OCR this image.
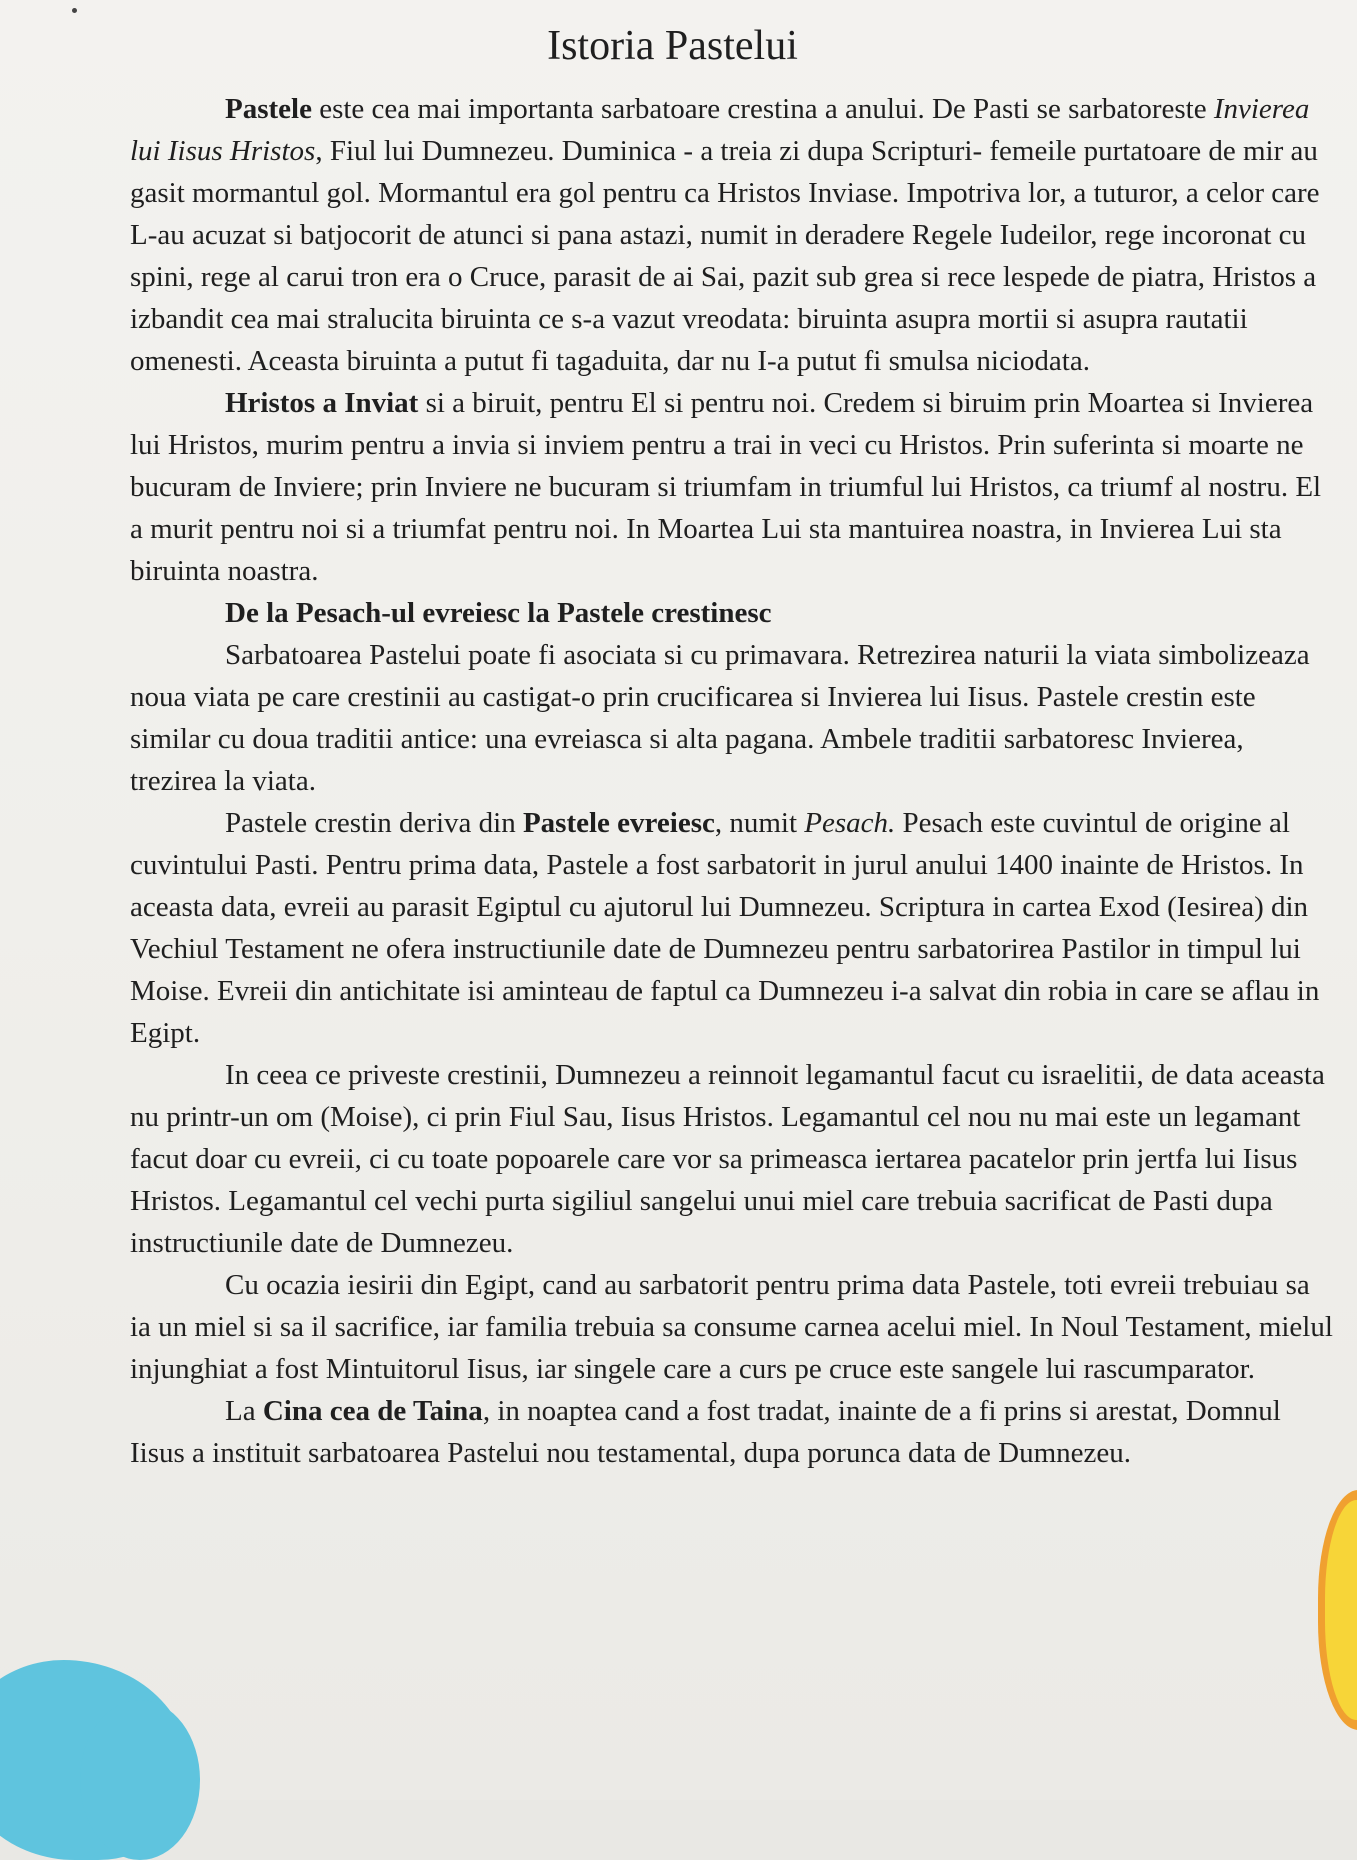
Istoria Pastelui

Pastele este cea mai importanta sarbatoare crestina a anului. De Pasti se sarbatoreste Invierea lui Iisus Hristos, Fiul lui Dumnezeu. Duminica - a treia zi dupa Scripturi- femeile purtatoare de mir au gasit mormantul gol. Mormantul era gol pentru ca Hristos Inviase. Impotriva lor, a tuturor, a celor care L-au acuzat si batjocorit de atunci si pana astazi, numit in deradere Regele Iudeilor, rege incoronat cu spini, rege al carui tron era o Cruce, parasit de ai Sai, pazit sub grea si rece lespede de piatra, Hristos a izbandit cea mai stralucita biruinta ce s-a vazut vreodata: biruinta asupra mortii si asupra rautatii omenesti. Aceasta biruinta a putut fi tagaduita, dar nu I-a putut fi smulsa niciodata.

Hristos a Inviat si a biruit, pentru El si pentru noi. Credem si biruim prin Moartea si Invierea lui Hristos, murim pentru a invia si inviem pentru a trai in veci cu Hristos. Prin suferinta si moarte ne bucuram de Inviere; prin Inviere ne bucuram si triumfam in triumful lui Hristos, ca triumf al nostru. El a murit pentru noi si a triumfat pentru noi. In Moartea Lui sta mantuirea noastra, in Invierea Lui sta biruinta noastra.

De la Pesach-ul evreiesc la Pastele crestinesc

Sarbatoarea Pastelui poate fi asociata si cu primavara. Retrezirea naturii la viata simbolizeaza noua viata pe care crestinii au castigat-o prin crucificarea si Invierea lui Iisus. Pastele crestin este similar cu doua traditii antice: una evreiasca si alta pagana. Ambele traditii sarbatoresc Invierea, trezirea la viata.

Pastele crestin deriva din Pastele evreiesc, numit Pesach. Pesach este cuvintul de origine al cuvintului Pasti. Pentru prima data, Pastele a fost sarbatorit in jurul anului 1400 inainte de Hristos. In aceasta data, evreii au parasit Egiptul cu ajutorul lui Dumnezeu. Scriptura in cartea Exod (Iesirea) din Vechiul Testament ne ofera instructiunile date de Dumnezeu pentru sarbatorirea Pastilor in timpul lui Moise. Evreii din antichitate isi aminteau de faptul ca Dumnezeu i-a salvat din robia in care se aflau in Egipt.

In ceea ce priveste crestinii, Dumnezeu a reinnoit legamantul facut cu israelitii, de data aceasta nu printr-un om (Moise), ci prin Fiul Sau, Iisus Hristos. Legamantul cel nou nu mai este un legamant facut doar cu evreii, ci cu toate popoarele care vor sa primeasca iertarea pacatelor prin jertfa lui Iisus Hristos. Legamantul cel vechi purta sigiliul sangelui unui miel care trebuia sacrificat de Pasti dupa instructiunile date de Dumnezeu.

Cu ocazia iesirii din Egipt, cand au sarbatorit pentru prima data Pastele, toti evreii trebuiau sa ia un miel si sa il sacrifice, iar familia trebuia sa consume carnea acelui miel. In Noul Testament, mielul injunghiat a fost Mintuitorul Iisus, iar singele care a curs pe cruce este sangele lui rascumparator.

La Cina cea de Taina, in noaptea cand a fost tradat, inainte de a fi prins si arestat, Domnul Iisus a instituit sarbatoarea Pastelui nou testamental, dupa porunca data de Dumnezeu.
